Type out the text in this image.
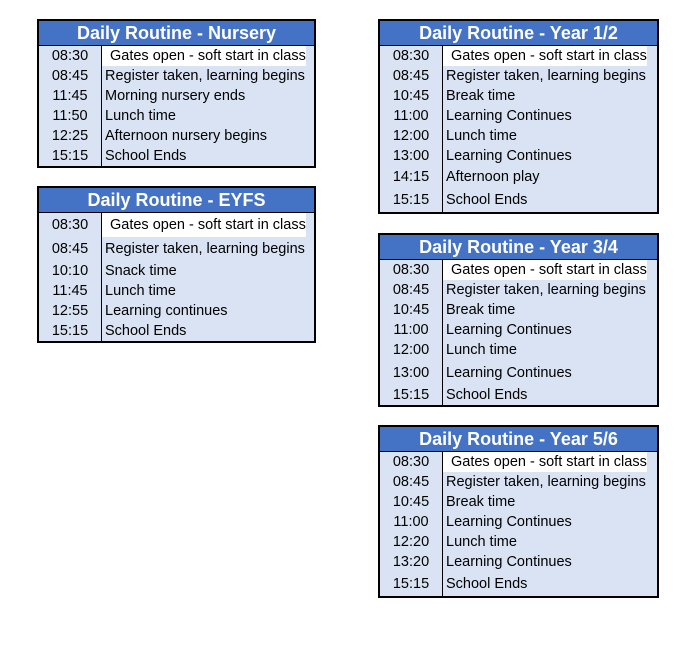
Daily Routine - Nursery
08:30	Gates open - soft start in class
08:45	Register taken, learning begins
11:45	Morning nursery ends
11:50	Lunch time
12:25	Afternoon nursery begins
15:15	School Ends
Daily Routine - EYFS
08:30	Gates open - soft start in class
08:45	Register taken, learning begins
10:10	Snack time
11:45	Lunch time
12:55	Learning continues
15:15	School Ends
Daily Routine - Year 1/2
08:30	Gates open - soft start in class
08:45	Register taken, learning begins
10:45	Break time
11:00	Learning Continues
12:00	Lunch time
13:00	Learning Continues
14:15	Afternoon play
15:15	School Ends
Daily Routine - Year 3/4
08:30	Gates open - soft start in class
08:45	Register taken, learning begins
10:45	Break time
11:00	Learning Continues
12:00	Lunch time
13:00	Learning Continues
15:15	School Ends
Daily Routine - Year 5/6
08:30	Gates open - soft start in class
08:45	Register taken, learning begins
10:45	Break time
11:00	Learning Continues
12:20	Lunch time
13:20	Learning Continues
15:15	School Ends
